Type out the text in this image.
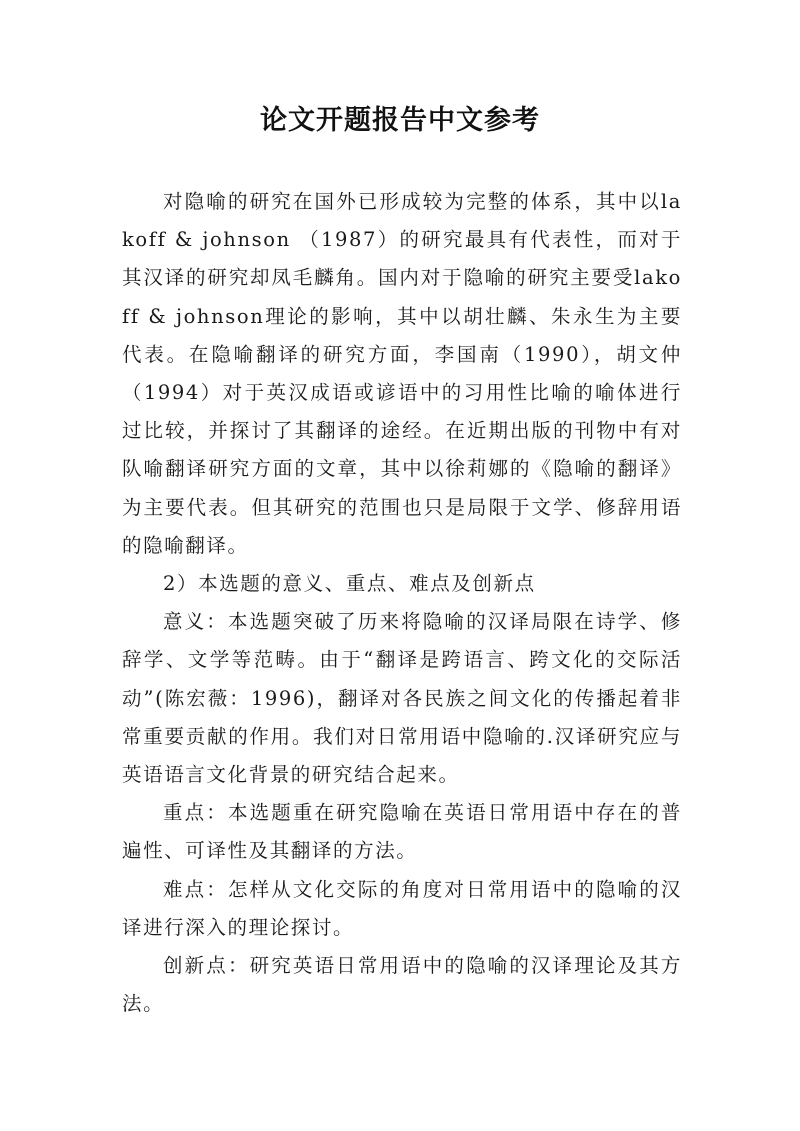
论文开题报告中文参考

对隐喻的研究在国外已形成较为完整的体系，其中以lakoff & johnson （1987）的研究最具有代表性，而对于其汉译的研究却凤毛麟角。国内对于隐喻的研究主要受lakoff & johnson理论的影响，其中以胡壮麟、朱永生为主要代表。在隐喻翻译的研究方面，李国南（1990），胡文仲（1994）对于英汉成语或谚语中的习用性比喻的喻体进行过比较，并探讨了其翻译的途经。在近期出版的刊物中有对队喻翻译研究方面的文章，其中以徐莉娜的《隐喻的翻译》为主要代表。但其研究的范围也只是局限于文学、修辞用语的隐喻翻译。

2）本选题的意义、重点、难点及创新点

意义：本选题突破了历来将隐喻的汉译局限在诗学、修辞学、文学等范畴。由于“翻译是跨语言、跨文化的交际活动”(陈宏薇：1996)，翻译对各民族之间文化的传播起着非常重要贡献的作用。我们对日常用语中隐喻的.汉译研究应与英语语言文化背景的研究结合起来。

重点：本选题重在研究隐喻在英语日常用语中存在的普遍性、可译性及其翻译的方法。

难点：怎样从文化交际的角度对日常用语中的隐喻的汉译进行深入的理论探讨。

创新点：研究英语日常用语中的隐喻的汉译理论及其方法。
